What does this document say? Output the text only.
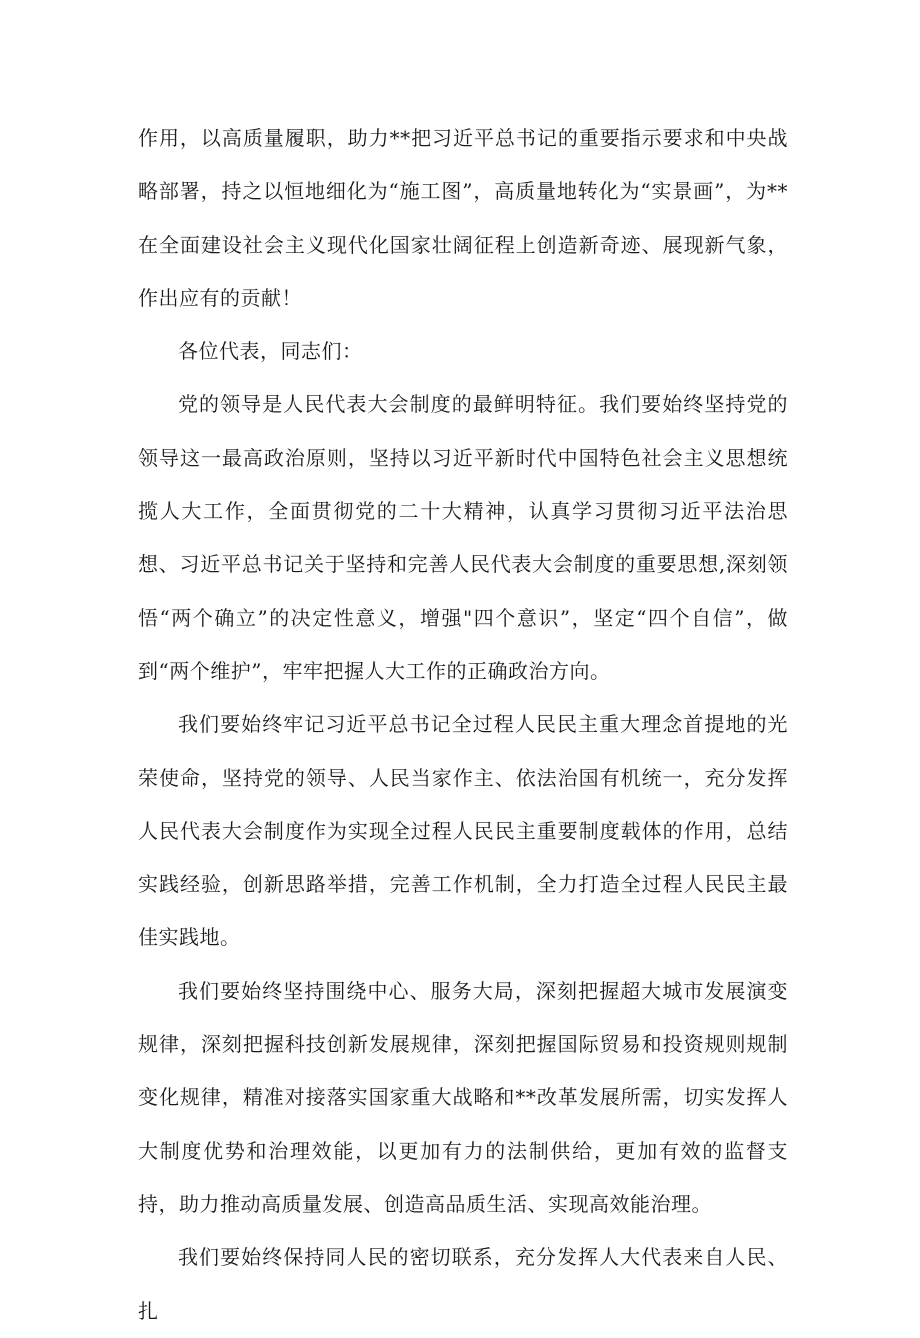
作用，以高质量履职，助力**把习近平总书记的重要指示要求和中央战略部署，持之以恒地细化为“施工图”，高质量地转化为“实景画”，为**在全面建设社会主义现代化国家壮阔征程上创造新奇迹、展现新气象，作出应有的贡献！

各位代表，同志们：

党的领导是人民代表大会制度的最鲜明特征。我们要始终坚持党的领导这一最高政治原则，坚持以习近平新时代中国特色社会主义思想统揽人大工作，全面贯彻党的二十大精神，认真学习贯彻习近平法治思想、习近平总书记关于坚持和完善人民代表大会制度的重要思想,深刻领悟“两个确立”的决定性意义，增强"四个意识”，坚定“四个自信”，做到“两个维护”，牢牢把握人大工作的正确政治方向。

我们要始终牢记习近平总书记全过程人民民主重大理念首提地的光荣使命，坚持党的领导、人民当家作主、依法治国有机统一，充分发挥人民代表大会制度作为实现全过程人民民主重要制度载体的作用，总结实践经验，创新思路举措，完善工作机制，全力打造全过程人民民主最佳实践地。

我们要始终坚持围绕中心、服务大局，深刻把握超大城市发展演变规律，深刻把握科技创新发展规律，深刻把握国际贸易和投资规则规制变化规律，精准对接落实国家重大战略和**改革发展所需，切实发挥人大制度优势和治理效能，以更加有力的法制供给，更加有效的监督支持，助力推动高质量发展、创造高品质生活、实现高效能治理。

我们要始终保持同人民的密切联系，充分发挥人大代表来自人民、扎
